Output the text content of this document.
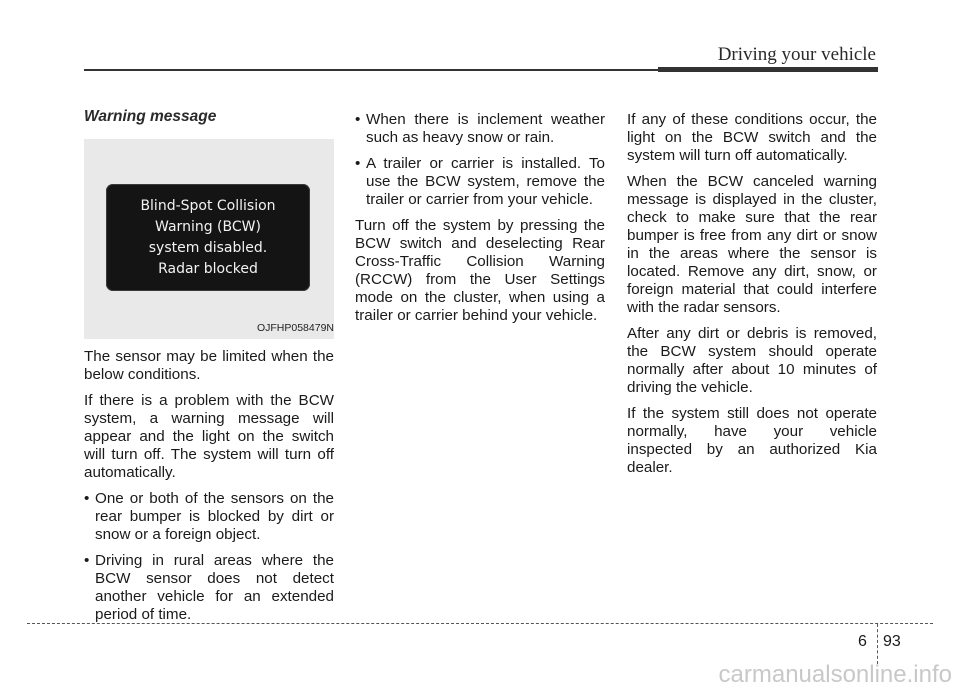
Driving your vehicle
Warning message
Blind-Spot Collision
Warning (BCW)
system disabled.
Radar blocked
OJFHP058479N

The sensor may be limited when the below conditions.

If there is a problem with the BCW system, a warning message will appear and the light on the switch will turn off. The system will turn off automatically.

• One or both of the sensors on the rear bumper is blocked by dirt or snow or a foreign object.
• Driving in rural areas where the BCW sensor does not detect another vehicle for an extended period of time.
• When there is inclement weather such as heavy snow or rain.
• A trailer or carrier is installed. To use the BCW system, remove the trailer or carrier from your vehicle.

Turn off the system by pressing the BCW switch and deselecting Rear Cross-Traffic Collision Warning (RCCW) from the User Settings mode on the cluster, when using a trailer or carrier behind your vehicle.

If any of these conditions occur, the light on the BCW switch and the system will turn off automatically.

When the BCW canceled warning message is displayed in the cluster, check to make sure that the rear bumper is free from any dirt or snow in the areas where the sensor is located. Remove any dirt, snow, or foreign material that could interfere with the radar sensors.

After any dirt or debris is removed, the BCW system should operate normally after about 10 minutes of driving the vehicle.

If the system still does not operate normally, have your vehicle inspected by an authorized Kia dealer.

6 93
carmanualsonline.info
